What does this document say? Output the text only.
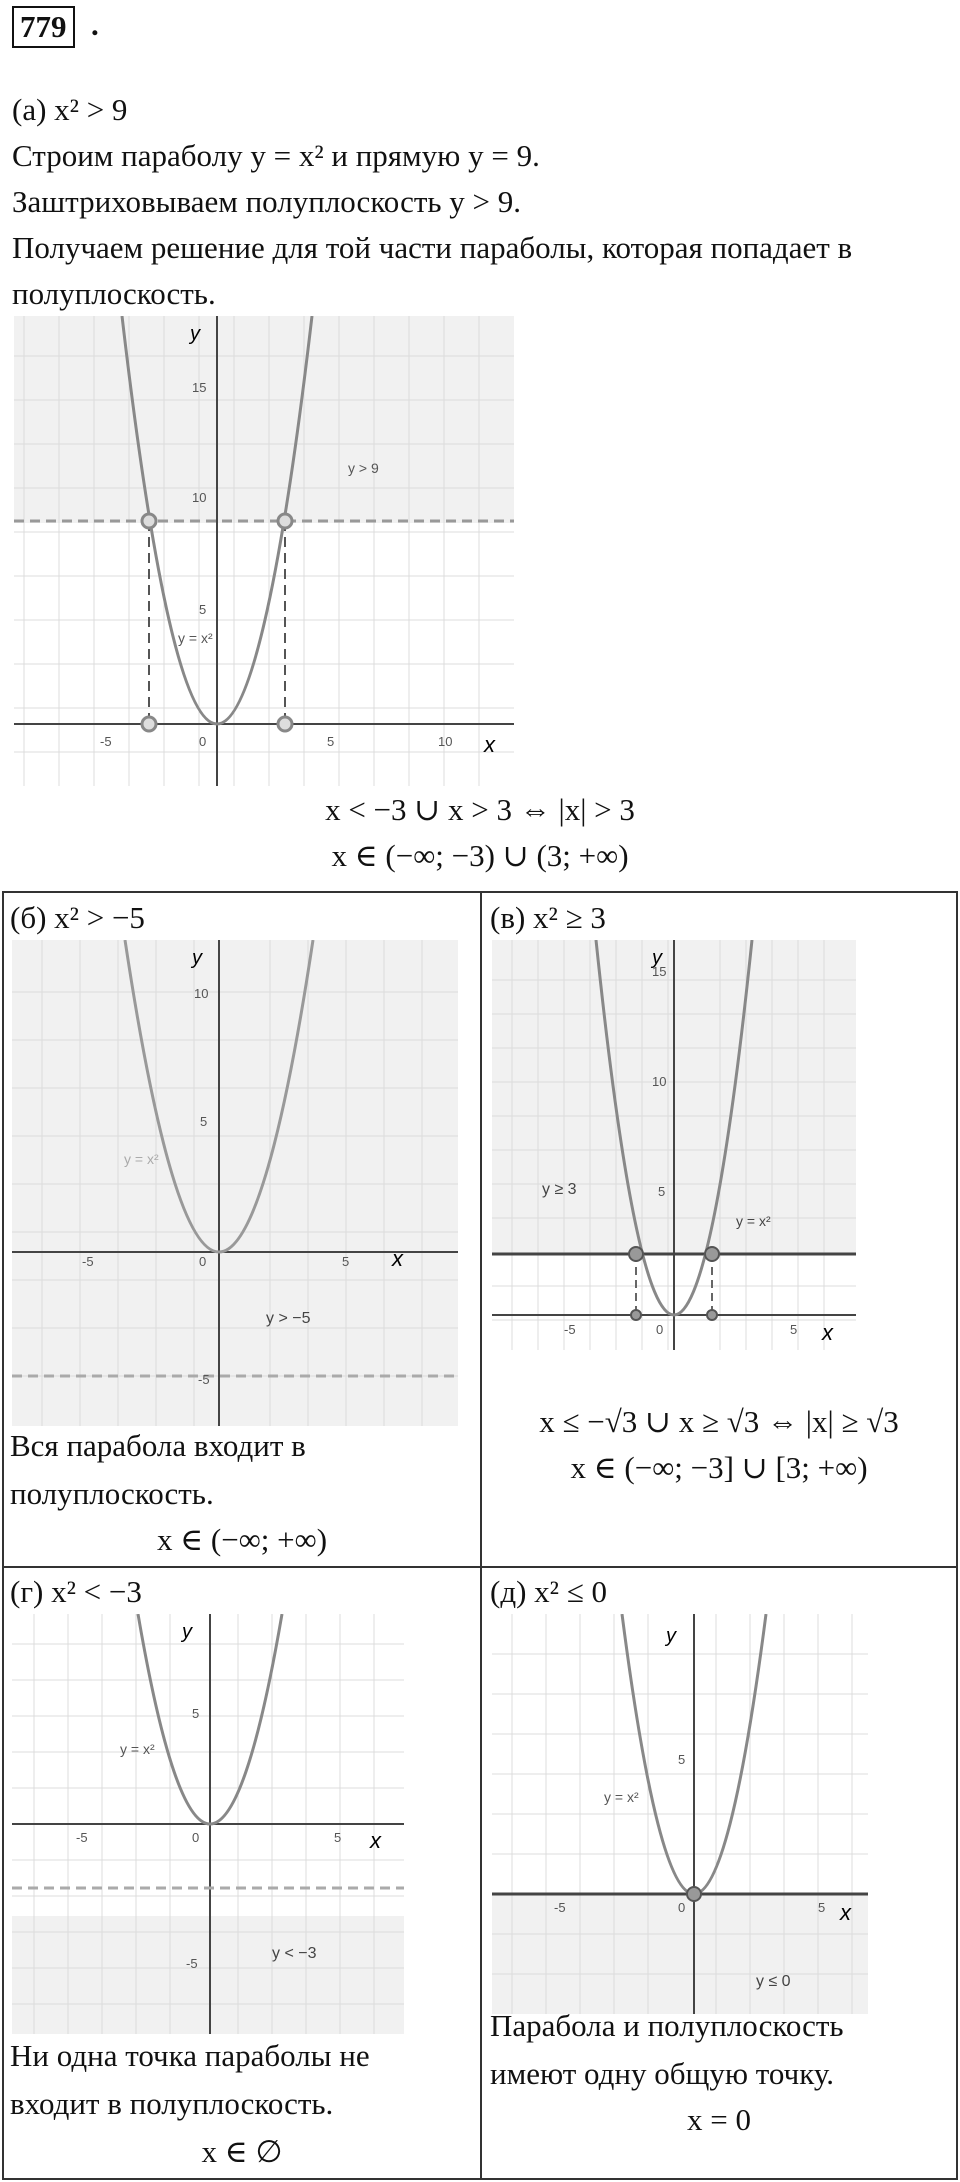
779 .
(а) x² > 9
Строим параболу y = x² и прямую y = 9.
Заштриховываем полуплоскость y > 9.
Получаем решение для той части параболы, которая попадает в
полуплоскость.
y
x
-5	0	5	10
15
10
5
y = x²
y > 9
x < −3 ∪ x > 3 ⇔ |x| > 3
x ∈ (−∞; −3) ∪ (3; +∞)
(б) x² > −5
y
x
-5	0	5
10
5
-5
y = x²
y > −5
Вся парабола входит в
полуплоскость.
x ∈ (−∞; +∞)
(в) x² ≥ 3
y
x
-5	0	5
15
10
5
y = x²
y ≥ 3
x ≤ −√3 ∪ x ≥ √3 ⇔ |x| ≥ √3
x ∈ (−∞; −3] ∪ [3; +∞)
(г) x² < −3
y
x
-5	0	5
5
-5
y = x²
y < −3
Ни одна точка параболы не
входит в полуплоскость.
x ∈ ∅
(д) x² ≤ 0
y
x
-5	0	5
5
y = x²
y ≤ 0
Парабола и полуплоскость
имеют одну общую точку.
x = 0
